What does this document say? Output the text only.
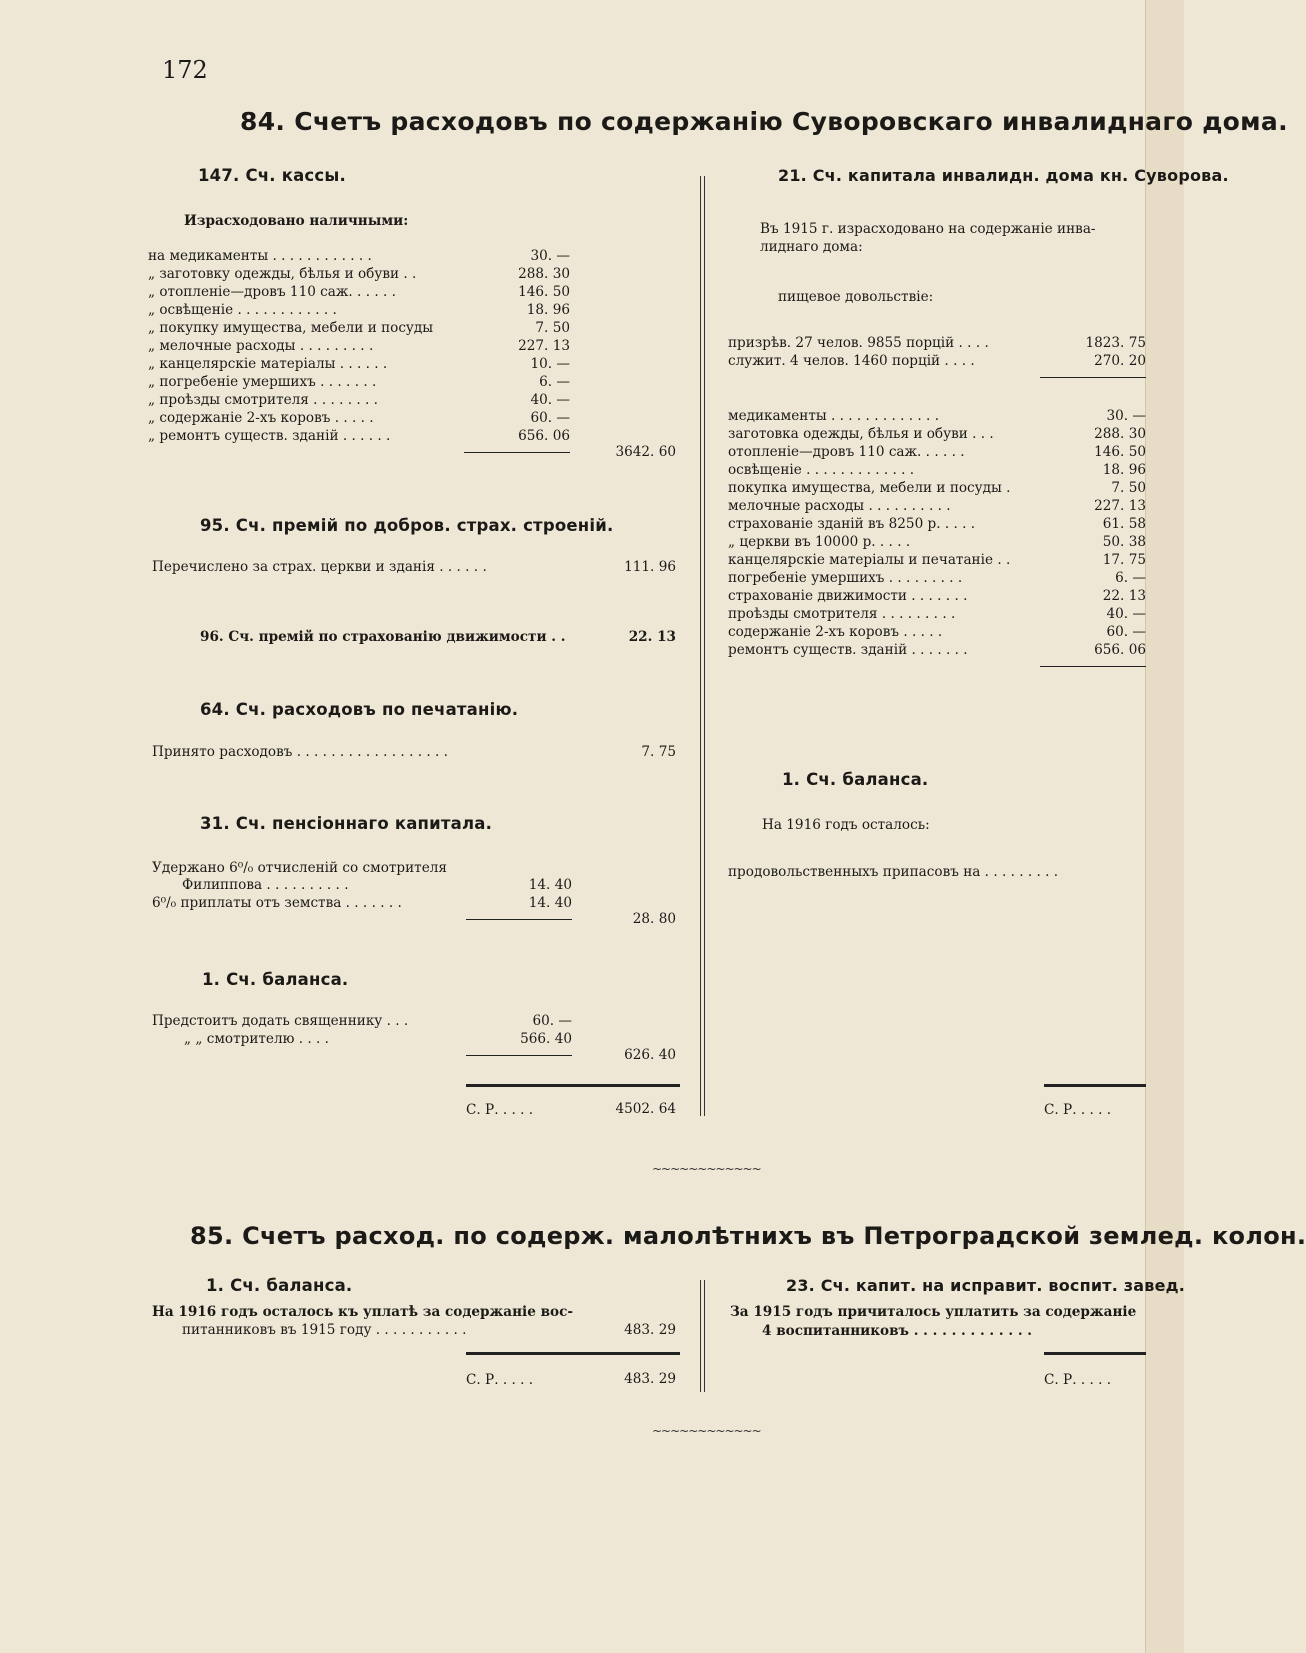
172
84. Счетъ расходовъ по содержанію Суворовскаго инвалиднаго дома.
147. Сч. кассы.
Израсходовано наличными:
на медикаменты . . . . . . . . . . . .	30. —
„ заготовку одежды, бѣлья и обуви . .	288. 30
„ отопленіе—дровъ 110 саж. . . . . .	146. 50
„ освѣщеніе . . . . . . . . . . . .	18. 96
„ покупку имущества, мебели и посуды	7. 50
„ мелочные расходы . . . . . . . . .	227. 13
„ канцелярскіе матеріалы . . . . . .	10. —
„ погребеніе умершихъ . . . . . . .	6. —
„ проѣзды смотрителя . . . . . . . .	40. —
„ содержаніе 2-хъ коровъ . . . . .	60. —
„ ремонтъ существ. зданій . . . . . .	656. 06
3642. 60
95. Сч. премій по добров. страх. строеній.
Перечислено за страх. церкви и зданія . . . . . .	111. 96
96. Сч. премій по страхованію движимости . .	22. 13
64. Сч. расходовъ по печатанію.
Принято расходовъ . . . . . . . . . . . . . . . . . .	7. 75
31. Сч. пенсіоннаго капитала.
Удержано 6⁰/₀ отчисленій со смотрителя
Филиппова . . . . . . . . . .	14. 40
6⁰/₀ приплаты отъ земства . . . . . . .	14. 40
28. 80
1. Сч. баланса.
Предстоитъ додать священнику . . .	60. —
„ „ смотрителю . . . .	566. 40
626. 40
С. Р. . . . .	4502. 64
21. Сч. капитала инвалидн. дома кн. Суворова.
Въ 1915 г. израсходовано на содержаніе инва-
лиднаго дома:
пищевое довольствіе:
призрѣв. 27 челов. 9855 порцій . . . .	1823. 75
служит. 4 челов. 1460 порцій . . . .	270. 20
медикаменты . . . . . . . . . . . . .	30. —
заготовка одежды, бѣлья и обуви . . .	288. 30
отопленіе—дровъ 110 саж. . . . . .	146. 50
освѣщеніе . . . . . . . . . . . . .	18. 96
покупка имущества, мебели и посуды .	7. 50
мелочные расходы . . . . . . . . . .	227. 13
страхованіе зданій въ 8250 р. . . . .	61. 58
„ церкви въ 10000 р. . . . .	50. 38
канцелярскіе матеріалы и печатаніе . .	17. 75
погребеніе умершихъ . . . . . . . . .	6. —
страхованіе движимости . . . . . . .	22. 13
проѣзды смотрителя . . . . . . . . .	40. —
содержаніе 2-хъ коровъ . . . . .	60. —
ремонтъ существ. зданій . . . . . . .	656. 06
1. Сч. баланса.
На 1916 годъ осталось:
продовольственныхъ припасовъ на . . . . . . . . .
С. Р. . . . .
~~~~~~~~~~~~
85. Счетъ расход. по содерж. малолѣтнихъ въ Петроградской землед. колон.
1. Сч. баланса.
На 1916 годъ осталось къ уплатѣ за содержаніе вос-
питанниковъ въ 1915 году . . . . . . . . . . .	483. 29
С. Р. . . . .	483. 29
23. Сч. капит. на исправит. воспит. завед.
За 1915 годъ причиталось уплатить за содержаніе
4 воспитанниковъ . . . . . . . . . . . . .
С. Р. . . . .
~~~~~~~~~~~~
